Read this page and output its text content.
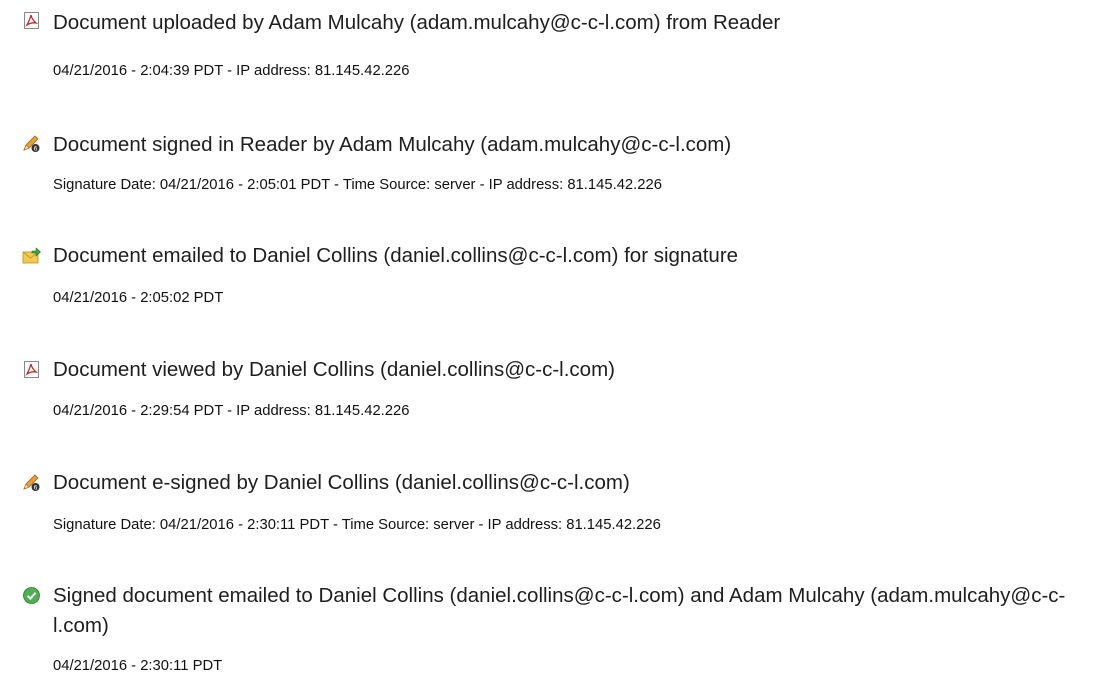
Document uploaded by Adam Mulcahy (adam.mulcahy@c-c-l.com) from Reader
04/21/2016 - 2:04:39 PDT - IP address: 81.145.42.226
6 Document signed in Reader by Adam Mulcahy (adam.mulcahy@c-c-l.com)
Signature Date: 04/21/2016 - 2:05:01 PDT - Time Source: server - IP address: 81.145.42.226
Document emailed to Daniel Collins (daniel.collins@c-c-l.com) for signature
04/21/2016 - 2:05:02 PDT
Document viewed by Daniel Collins (daniel.collins@c-c-l.com)
04/21/2016 - 2:29:54 PDT - IP address: 81.145.42.226
6 Document e-signed by Daniel Collins (daniel.collins@c-c-l.com)
Signature Date: 04/21/2016 - 2:30:11 PDT - Time Source: server - IP address: 81.145.42.226
Signed document emailed to Daniel Collins (daniel.collins@c-c-l.com) and Adam Mulcahy (adam.mulcahy@c-c-l.com)
04/21/2016 - 2:30:11 PDT
